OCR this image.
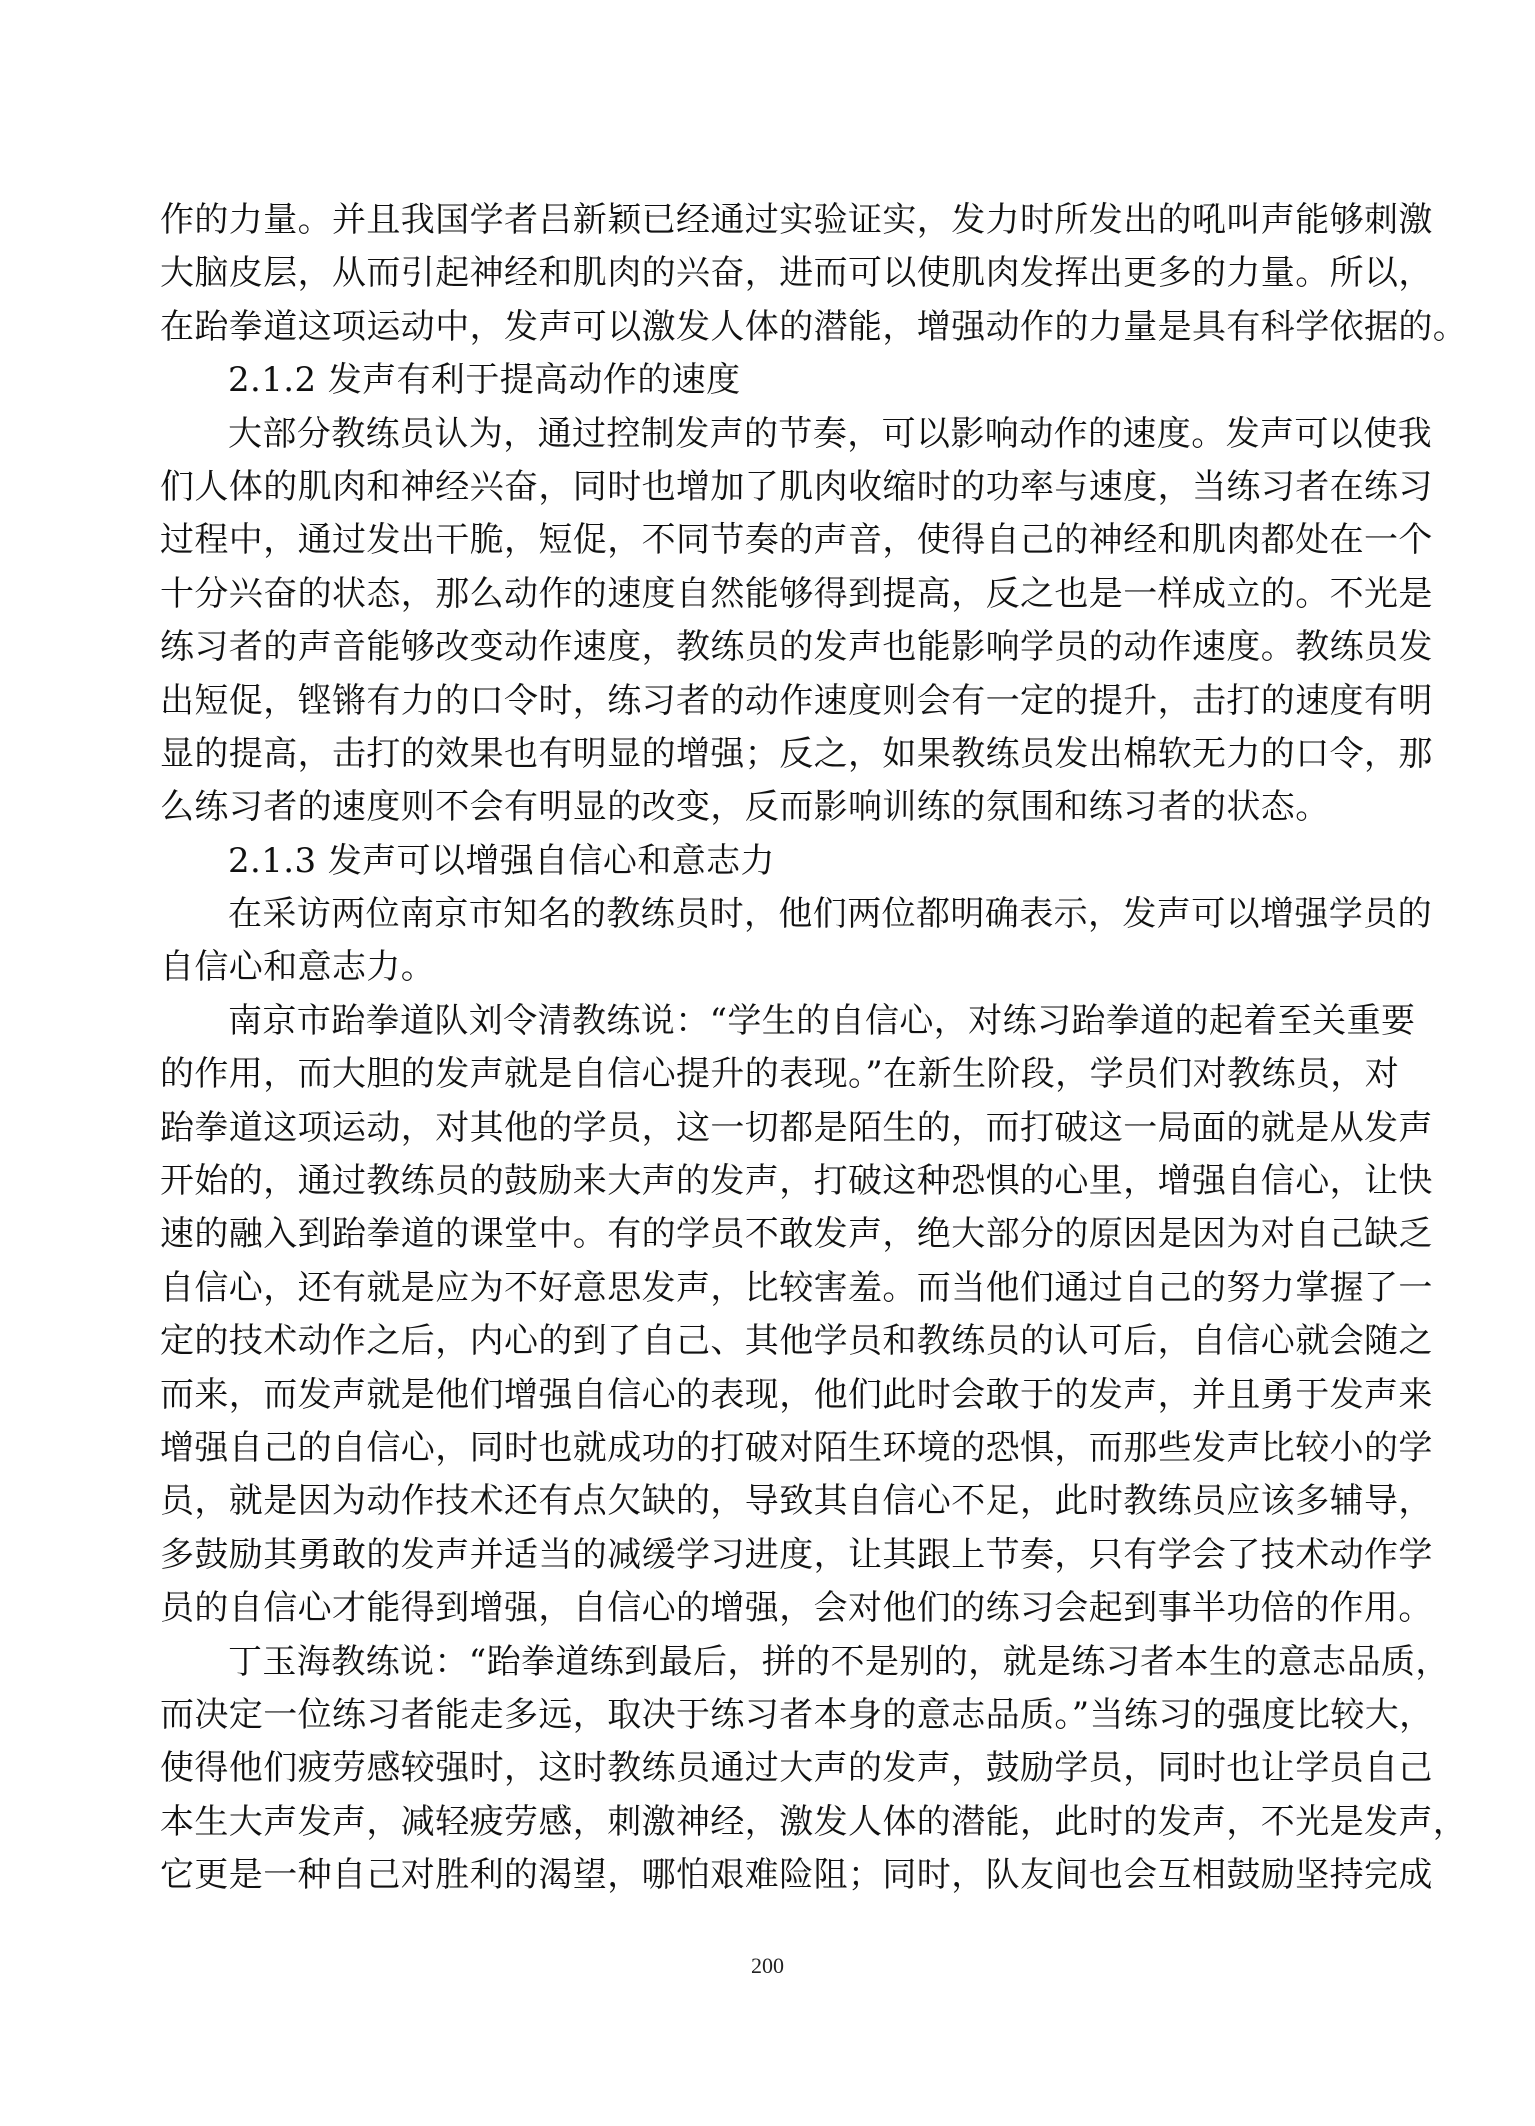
作的力量。并且我国学者吕新颖已经通过实验证实，发力时所发出的吼叫声能够刺激
大脑皮层，从而引起神经和肌肉的兴奋，进而可以使肌肉发挥出更多的力量。所以，
在跆拳道这项运动中，发声可以激发人体的潜能，增强动作的力量是具有科学依据的。
2.1.2 发声有利于提高动作的速度
大部分教练员认为，通过控制发声的节奏，可以影响动作的速度。发声可以使我
们人体的肌肉和神经兴奋，同时也增加了肌肉收缩时的功率与速度，当练习者在练习
过程中，通过发出干脆，短促，不同节奏的声音，使得自己的神经和肌肉都处在一个
十分兴奋的状态，那么动作的速度自然能够得到提高，反之也是一样成立的。不光是
练习者的声音能够改变动作速度，教练员的发声也能影响学员的动作速度。教练员发
出短促，铿锵有力的口令时，练习者的动作速度则会有一定的提升，击打的速度有明
显的提高，击打的效果也有明显的增强；反之，如果教练员发出棉软无力的口令，那
么练习者的速度则不会有明显的改变，反而影响训练的氛围和练习者的状态。
2.1.3 发声可以增强自信心和意志力
在采访两位南京市知名的教练员时，他们两位都明确表示，发声可以增强学员的
自信心和意志力。
南京市跆拳道队刘令清教练说：“学生的自信心，对练习跆拳道的起着至关重要
的作用，而大胆的发声就是自信心提升的表现。”在新生阶段，学员们对教练员，对
跆拳道这项运动，对其他的学员，这一切都是陌生的，而打破这一局面的就是从发声
开始的，通过教练员的鼓励来大声的发声，打破这种恐惧的心里，增强自信心，让快
速的融入到跆拳道的课堂中。有的学员不敢发声，绝大部分的原因是因为对自己缺乏
自信心，还有就是应为不好意思发声，比较害羞。而当他们通过自己的努力掌握了一
定的技术动作之后，内心的到了自己、其他学员和教练员的认可后，自信心就会随之
而来，而发声就是他们增强自信心的表现，他们此时会敢于的发声，并且勇于发声来
增强自己的自信心，同时也就成功的打破对陌生环境的恐惧，而那些发声比较小的学
员，就是因为动作技术还有点欠缺的，导致其自信心不足，此时教练员应该多辅导，
多鼓励其勇敢的发声并适当的减缓学习进度，让其跟上节奏，只有学会了技术动作学
员的自信心才能得到增强，自信心的增强，会对他们的练习会起到事半功倍的作用。
丁玉海教练说：“跆拳道练到最后，拼的不是别的，就是练习者本生的意志品质，
而决定一位练习者能走多远，取决于练习者本身的意志品质。”当练习的强度比较大，
使得他们疲劳感较强时，这时教练员通过大声的发声，鼓励学员，同时也让学员自己
本生大声发声，减轻疲劳感，刺激神经，激发人体的潜能，此时的发声，不光是发声，
它更是一种自己对胜利的渴望，哪怕艰难险阻；同时，队友间也会互相鼓励坚持完成
200
